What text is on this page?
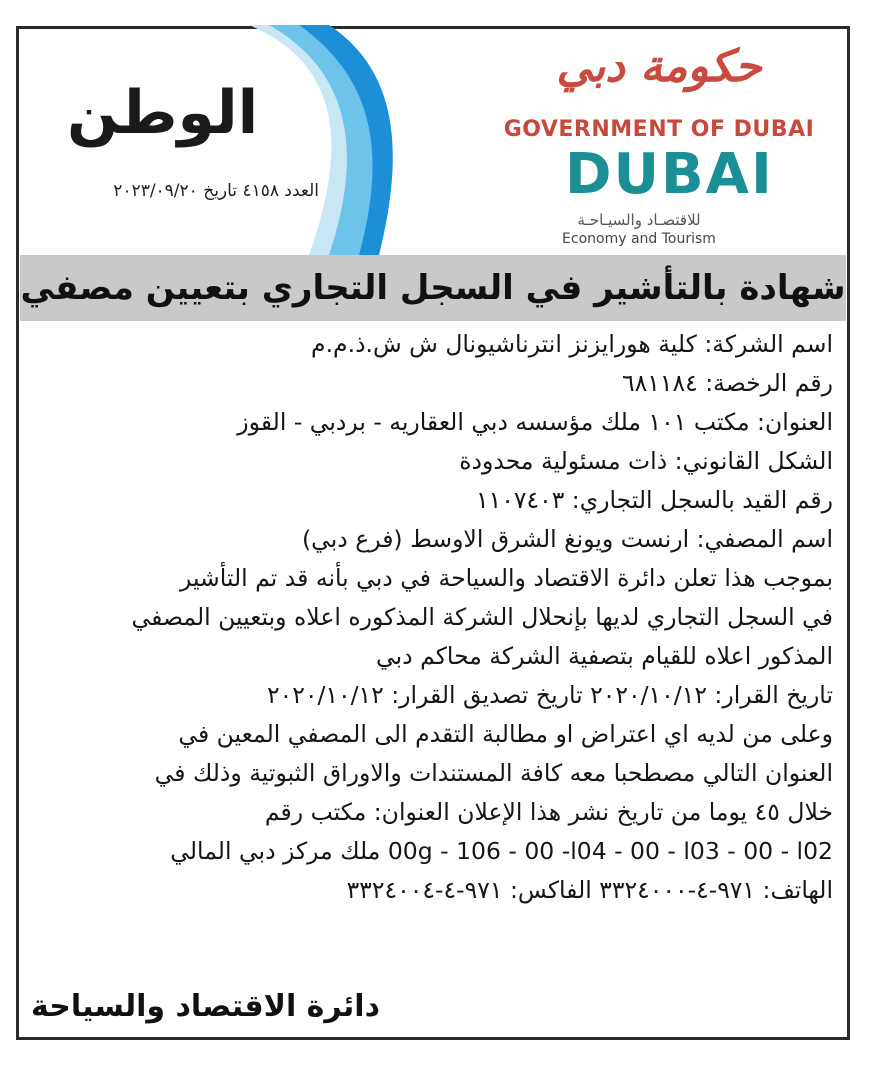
الوطن
العدد ٤١٥٨ تاريخ ٢٠٢٣/٠٩/٢٠
حكومة دبي
GOVERNMENT OF DUBAI
DUBAI
للاقتصـاد والسيـاحـة
Economy and Tourism
شهادة بالتأشير في السجل التجاري بتعيين مصفي

اسم الشركة: كلية هورايزنز انترناشيونال ش ش.ذ.م.م

رقم الرخصة: ٦٨١١٨٤

العنوان: مكتب ١٠١ ملك مؤسسه دبي العقاريه - بردبي - القوز

الشكل القانوني: ذات مسئولية محدودة

رقم القيد بالسجل التجاري: ١١٠٧٤٠٣

اسم المصفي: ارنست ويونغ الشرق الاوسط (فرع دبي)

بموجب هذا تعلن دائرة الاقتصاد والسياحة في دبي بأنه قد تم التأشير

في السجل التجاري لديها بإنحلال الشركة المذكوره اعلاه وبتعيين المصفي

المذكور اعلاه للقيام بتصفية الشركة محاكم دبي

تاريخ القرار: ٢٠٢٠/١٠/١٢ تاريخ تصديق القرار: ٢٠٢٠/١٠/١٢

وعلى من لديه اي اعتراض او مطالبة التقدم الى المصفي المعين في

العنوان التالي مصطحبا معه كافة المستندات والاوراق الثبوتية وذلك في

خلال ٤٥ يوما من تاريخ نشر هذا الإعلان العنوان: مكتب رقم

00g - 106 - 00 -l04 - 00 - l03 - 00 - l02 ملك مركز دبي المالي

الهاتف: ٩٧١-٤-٣٣٢٤٠٠٠ الفاكس: ٩٧١-٤-٣٣٢٤٠٠٤

دائرة الاقتصاد والسياحة
